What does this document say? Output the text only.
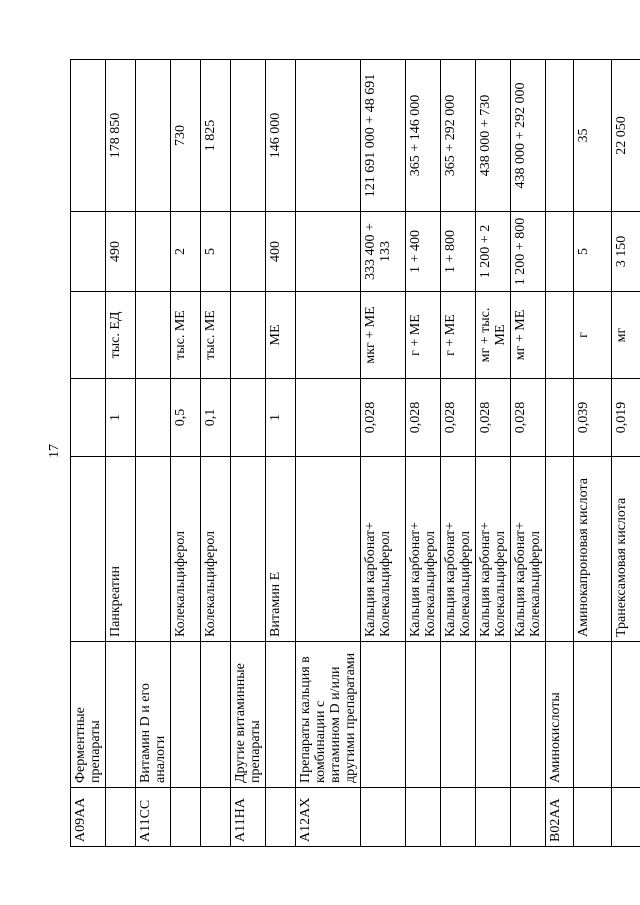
17
A09AA	Ферментные препараты					
		Панкреатин	1	тыс. ЕД	490	178 850
A11CC	Витамин D и его аналоги					
		Колекальциферол	0,5	тыс. МЕ	2	730
		Колекальциферол	0,1	тыс. МЕ	5	1 825
A11HA	Другие витаминные препараты					
		Витамин Е	1	МЕ	400	146 000
A12AX	Препараты кальция в комбинации с витамином D и/или другими препаратами					
		Кальция карбонат+ Колекальциферол	0,028	мкг + МЕ	333 400 + 133	121 691 000 + 48 691
		Кальция карбонат+ Колекальциферол	0,028	г + МЕ	1 + 400	365 + 146 000
		Кальция карбонат+ Колекальциферол	0,028	г + МЕ	1 + 800	365 + 292 000
		Кальция карбонат+ Колекальциферол	0,028	мг + тыс. МЕ	1 200 + 2	438 000 + 730
		Кальция карбонат+ Колекальциферол	0,028	мг + МЕ	1 200 + 800	438 000 + 292 000
B02AA	Аминокислоты					
		Аминокапроновая кислота	0,039	г	5	35
		Транексамовая кислота	0,019	мг	3 150	22 050
